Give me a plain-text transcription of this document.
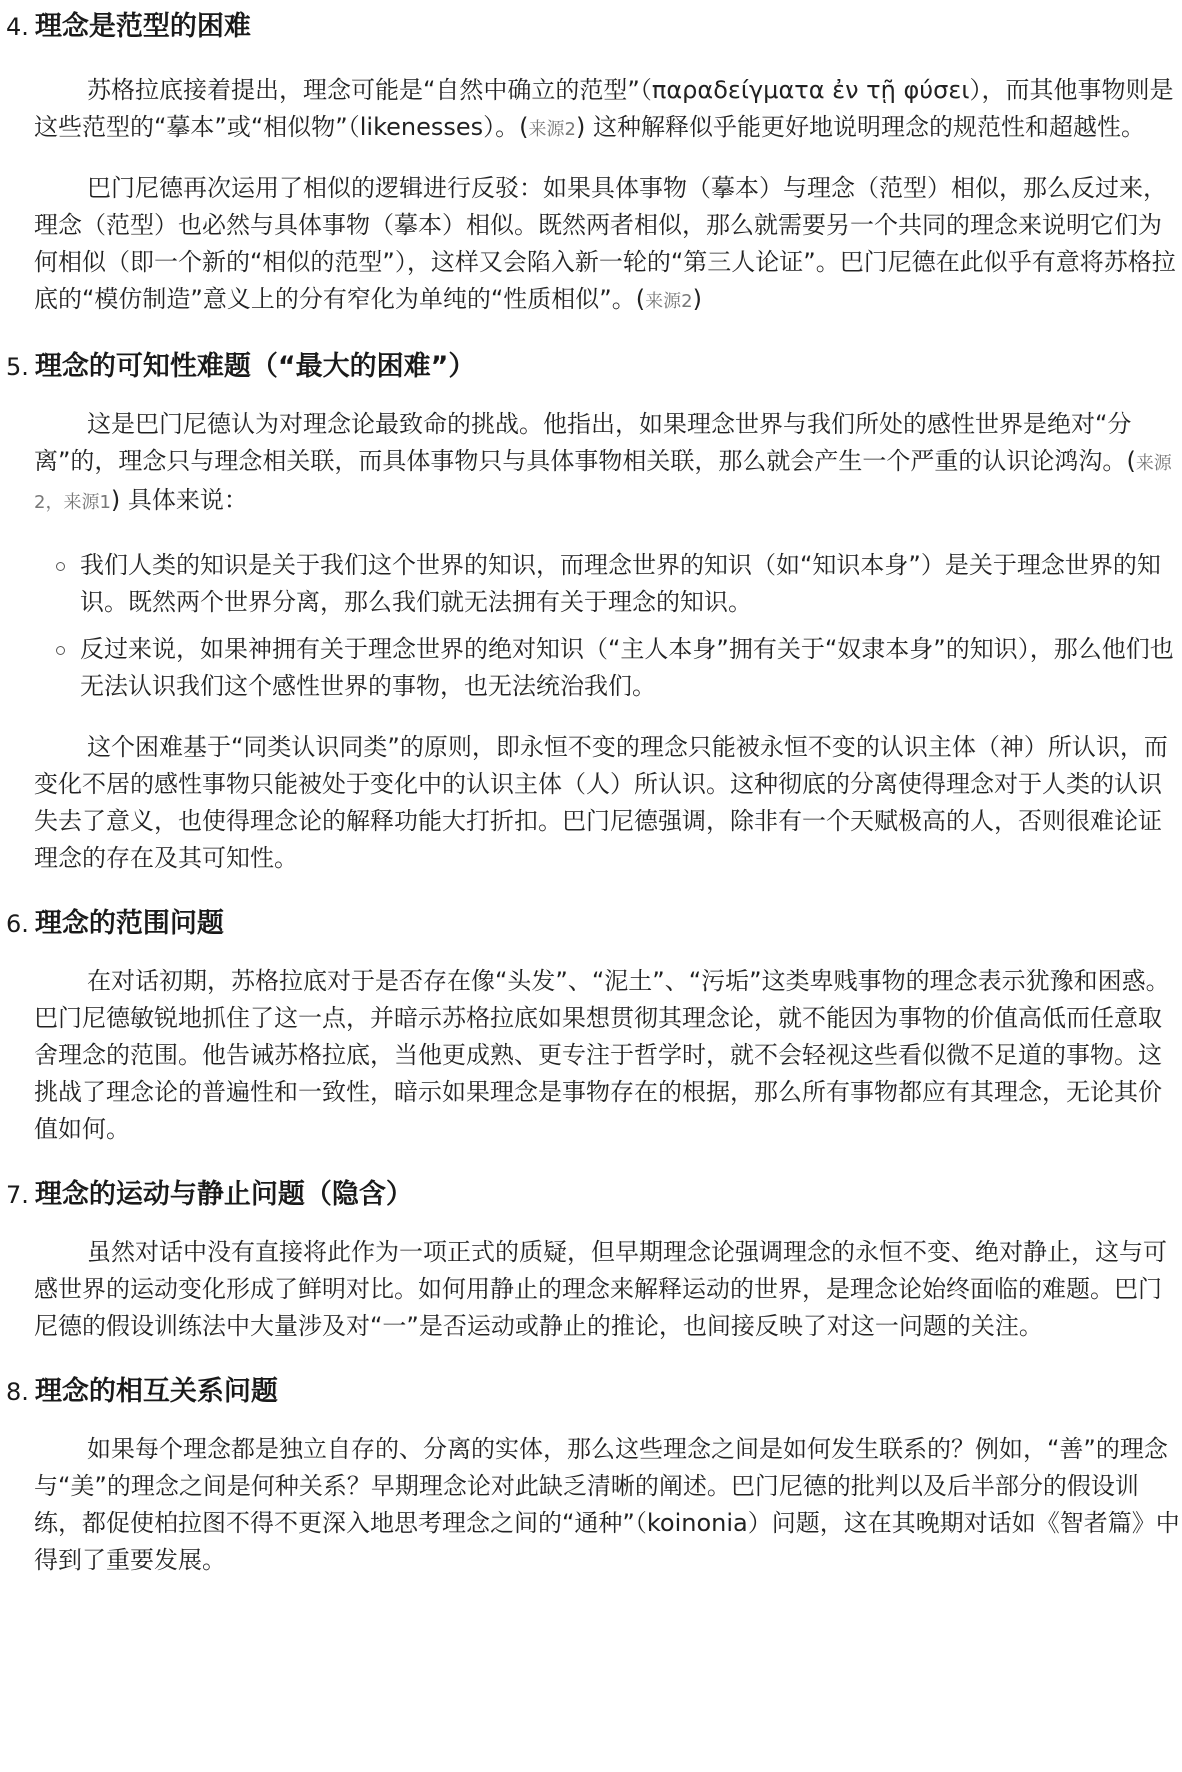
4. 理念是范型的困难

苏格拉底接着提出，理念可能是“自然中确立的范型”（παραδείγματα ἐν τῇ φύσει），而其他事物则是这些范型的“摹本”或“相似物”（likenesses）。(来源2) 这种解释似乎能更好地说明理念的规范性和超越性。

巴门尼德再次运用了相似的逻辑进行反驳：如果具体事物（摹本）与理念（范型）相似，那么反过来，理念（范型）也必然与具体事物（摹本）相似。既然两者相似，那么就需要另一个共同的理念来说明它们为何相似（即一个新的“相似的范型”），这样又会陷入新一轮的“第三人论证”。巴门尼德在此似乎有意将苏格拉底的“模仿制造”意义上的分有窄化为单纯的“性质相似”。(来源2)

5. 理念的可知性难题（“最大的困难”）

这是巴门尼德认为对理念论最致命的挑战。他指出，如果理念世界与我们所处的感性世界是绝对“分离”的，理念只与理念相关联，而具体事物只与具体事物相关联，那么就会产生一个严重的认识论鸿沟。(来源2，来源1) 具体来说：

我们人类的知识是关于我们这个世界的知识，而理念世界的知识（如“知识本身”）是关于理念世界的知识。既然两个世界分离，那么我们就无法拥有关于理念的知识。
反过来说，如果神拥有关于理念世界的绝对知识（“主人本身”拥有关于“奴隶本身”的知识），那么他们也无法认识我们这个感性世界的事物，也无法统治我们。

这个困难基于“同类认识同类”的原则，即永恒不变的理念只能被永恒不变的认识主体（神）所认识，而变化不居的感性事物只能被处于变化中的认识主体（人）所认识。这种彻底的分离使得理念对于人类的认识失去了意义，也使得理念论的解释功能大打折扣。巴门尼德强调，除非有一个天赋极高的人，否则很难论证理念的存在及其可知性。

6. 理念的范围问题

在对话初期，苏格拉底对于是否存在像“头发”、“泥土”、“污垢”这类卑贱事物的理念表示犹豫和困惑。巴门尼德敏锐地抓住了这一点，并暗示苏格拉底如果想贯彻其理念论，就不能因为事物的价值高低而任意取舍理念的范围。他告诫苏格拉底，当他更成熟、更专注于哲学时，就不会轻视这些看似微不足道的事物。这挑战了理念论的普遍性和一致性，暗示如果理念是事物存在的根据，那么所有事物都应有其理念，无论其价值如何。

7. 理念的运动与静止问题（隐含）

虽然对话中没有直接将此作为一项正式的质疑，但早期理念论强调理念的永恒不变、绝对静止，这与可感世界的运动变化形成了鲜明对比。如何用静止的理念来解释运动的世界，是理念论始终面临的难题。巴门尼德的假设训练法中大量涉及对“一”是否运动或静止的推论，也间接反映了对这一问题的关注。

8. 理念的相互关系问题

如果每个理念都是独立自存的、分离的实体，那么这些理念之间是如何发生联系的？例如，“善”的理念与“美”的理念之间是何种关系？早期理念论对此缺乏清晰的阐述。巴门尼德的批判以及后半部分的假设训练，都促使柏拉图不得不更深入地思考理念之间的“通种”（koinonia）问题，这在其晚期对话如《智者篇》中得到了重要发展。
